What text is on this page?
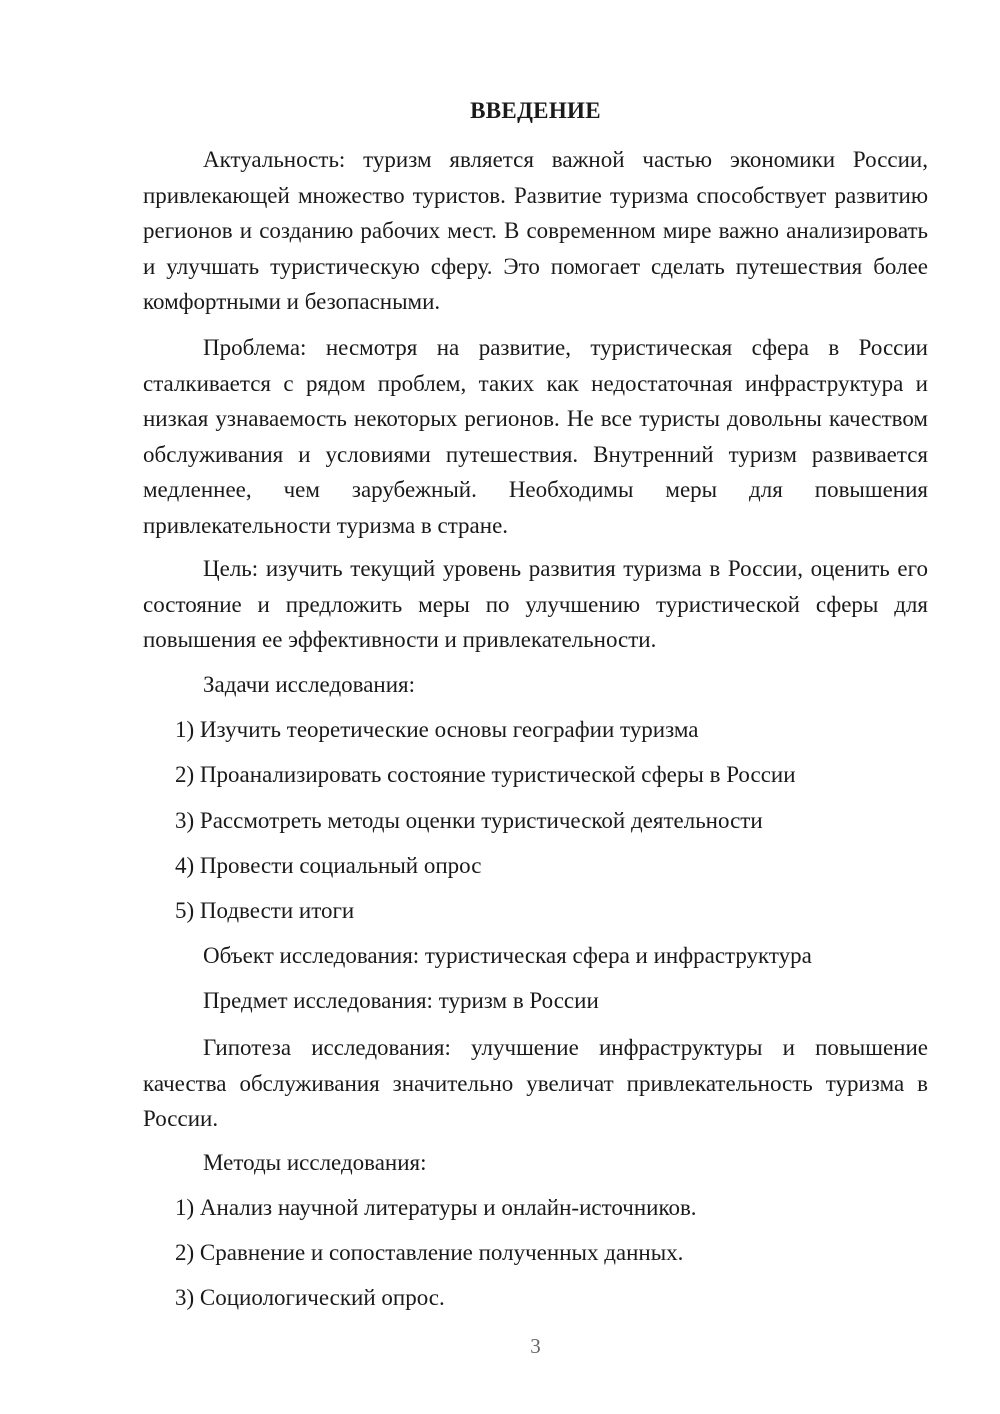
ВВЕДЕНИЕ

Актуальность: туризм является важной частью экономики России, привлекающей множество туристов. Развитие туризма способствует развитию регионов и созданию рабочих мест. В современном мире важно анализировать и улучшать туристическую сферу. Это помогает сделать путешествия более комфортными и безопасными.

Проблема: несмотря на развитие, туристическая сфера в России сталкивается с рядом проблем, таких как недостаточная инфраструктура и низкая узнаваемость некоторых регионов. Не все туристы довольны качеством обслуживания и условиями путешествия. Внутренний туризм развивается медленнее, чем зарубежный. Необходимы меры для повышения привлекательности туризма в стране.

Цель: изучить текущий уровень развития туризма в России, оценить его состояние и предложить меры по улучшению туристической сферы для повышения ее эффективности и привлекательности.

Задачи исследования:
1) Изучить теоретические основы географии туризма
2) Проанализировать состояние туристической сферы в России
3) Рассмотреть методы оценки туристической деятельности
4) Провести социальный опрос
5) Подвести итоги
Объект исследования: туристическая сфера и инфраструктура
Предмет исследования: туризм в России

Гипотеза исследования: улучшение инфраструктуры и повышение качества обслуживания значительно увеличат привлекательность туризма в России.

Методы исследования:
1) Анализ научной литературы и онлайн-источников.
2) Сравнение и сопоставление полученных данных.
3) Социологический опрос.
3
